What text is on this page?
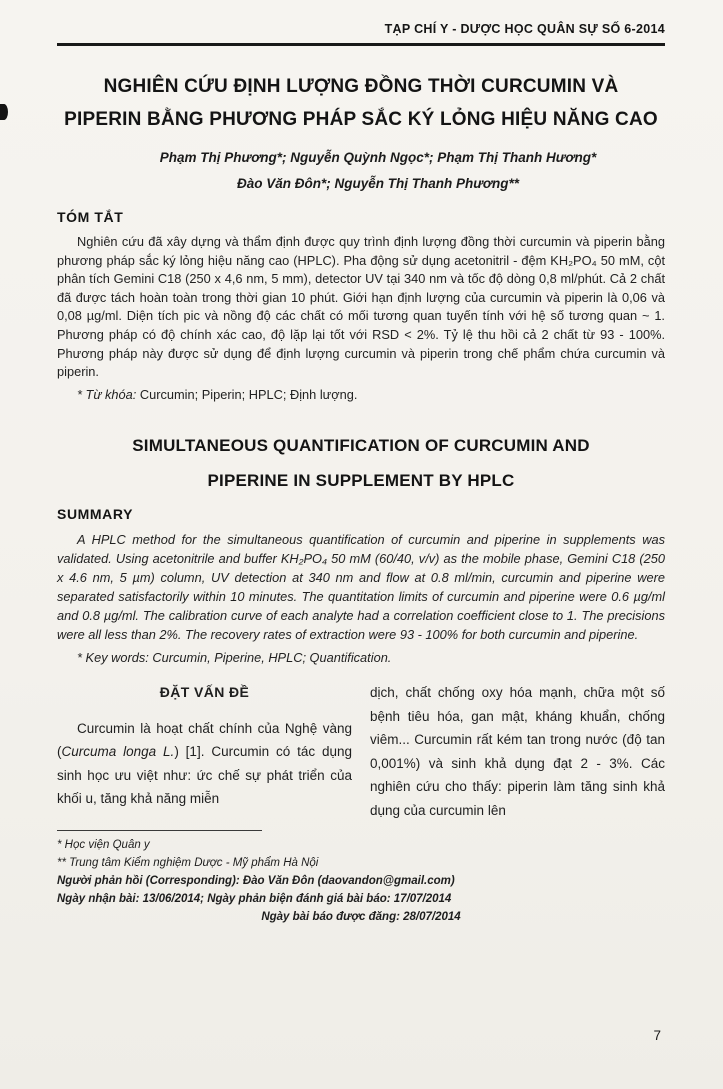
TẠP CHÍ Y - DƯỢC HỌC QUÂN SỰ SỐ 6-2014
NGHIÊN CỨU ĐỊNH LƯỢNG ĐỒNG THỜI CURCUMIN VÀ
PIPERIN BẰNG PHƯƠNG PHÁP SẮC KÝ LỎNG HIỆU NĂNG CAO
Phạm Thị Phương*; Nguyễn Quỳnh Ngọc*; Phạm Thị Thanh Hương*
Đào Văn Đôn*; Nguyễn Thị Thanh Phương**
TÓM TẮT

Nghiên cứu đã xây dựng và thẩm định được quy trình định lượng đồng thời curcumin và piperin bằng phương pháp sắc ký lỏng hiệu năng cao (HPLC). Pha động sử dụng acetonitril - đệm KH₂PO₄ 50 mM, cột phân tích Gemini C18 (250 x 4,6 nm, 5 mm), detector UV tại 340 nm và tốc độ dòng 0,8 ml/phút. Cả 2 chất đã được tách hoàn toàn trong thời gian 10 phút. Giới hạn định lượng của curcumin và piperin là 0,06 và 0,08 µg/ml. Diện tích pic và nồng độ các chất có mối tương quan tuyến tính với hệ số tương quan ~ 1. Phương pháp có độ chính xác cao, độ lặp lại tốt với RSD < 2%. Tỷ lệ thu hồi cả 2 chất từ 93 - 100%. Phương pháp này được sử dụng để định lượng curcumin và piperin trong chế phẩm chứa curcumin và piperin.

* Từ khóa: Curcumin; Piperin; HPLC; Định lượng.

SIMULTANEOUS QUANTIFICATION OF CURCUMIN AND
PIPERINE IN SUPPLEMENT BY HPLC
SUMMARY

A HPLC method for the simultaneous quantification of curcumin and piperine in supplements was validated. Using acetonitrile and buffer KH₂PO₄ 50 mM (60/40, v/v) as the mobile phase, Gemini C18 (250 x 4.6 nm, 5 µm) column, UV detection at 340 nm and flow at 0.8 ml/min, curcumin and piperine were separated satisfactorily within 10 minutes. The quantitation limits of curcumin and piperine were 0.6 µg/ml and 0.8 µg/ml. The calibration curve of each analyte had a correlation coefficient close to 1. The precisions were all less than 2%. The recovery rates of extraction were 93 - 100% for both curcumin and piperine.

* Key words: Curcumin, Piperine, HPLC; Quantification.

ĐẶT VẤN ĐỀ

Curcumin là hoạt chất chính của Nghệ vàng (Curcuma longa L.) [1]. Curcumin có tác dụng sinh học ưu việt như: ức chế sự phát triển của khối u, tăng khả năng miễn

dịch, chất chống oxy hóa mạnh, chữa một số bệnh tiêu hóa, gan mật, kháng khuẩn, chống viêm... Curcumin rất kém tan trong nước (độ tan 0,001%) và sinh khả dụng đạt 2 - 3%. Các nghiên cứu cho thấy: piperin làm tăng sinh khả dụng của curcumin lên

* Học viện Quân y
** Trung tâm Kiểm nghiệm Dược - Mỹ phẩm Hà Nội
Người phản hồi (Corresponding): Đào Văn Đôn (daovandon@gmail.com)
Ngày nhận bài: 13/06/2014; Ngày phản biện đánh giá bài báo: 17/07/2014
Ngày bài báo được đăng: 28/07/2014
7
